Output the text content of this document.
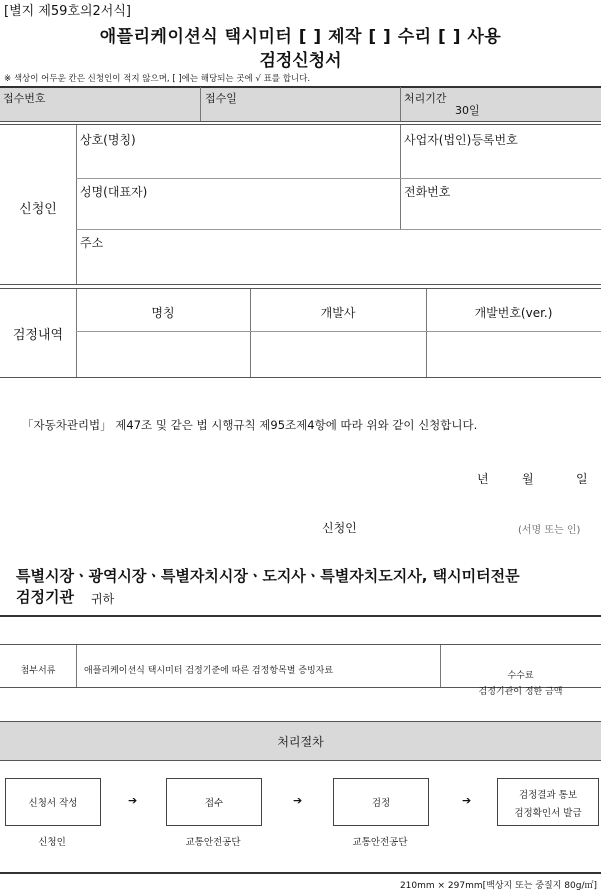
[별지 제59호의2서식]
애플리케이션식 택시미터 [ ] 제작 [ ] 수리 [ ] 사용
검정신청서
※ 색상이 어두운 칸은 신청인이 적지 않으며, [ ]에는 해당되는 곳에 √ 표를 합니다.
접수번호	접수일	처리기간
30일
신청인
상호(명칭)	사업자(법인)등록번호
성명(대표자)	전화번호
주소
검정내역
명칭	개발사	개발번호(ver.)
「자동차관리법」 제47조 및 같은 법 시행규칙 제95조제4항에 따라 위와 같이 신청합니다.
년	월	일
신청인	(서명 또는 인)
특별시장ㆍ광역시장ㆍ특별자치시장ㆍ도지사ㆍ특별자치도지사, 택시미터전문
검정기관 귀하
첨부서류	애플리케이션식 택시미터 검정기준에 따른 검정항목별 증빙자료	수수료
검정기관이 정한 금액
처리절차
신청서 작성	➔	접수	➔	검정	➔	검정결과 통보
검정확인서 발급
신청인	교통안전공단	교통안전공단
210mm × 297mm[백상지 또는 중질지 80g/㎡]
